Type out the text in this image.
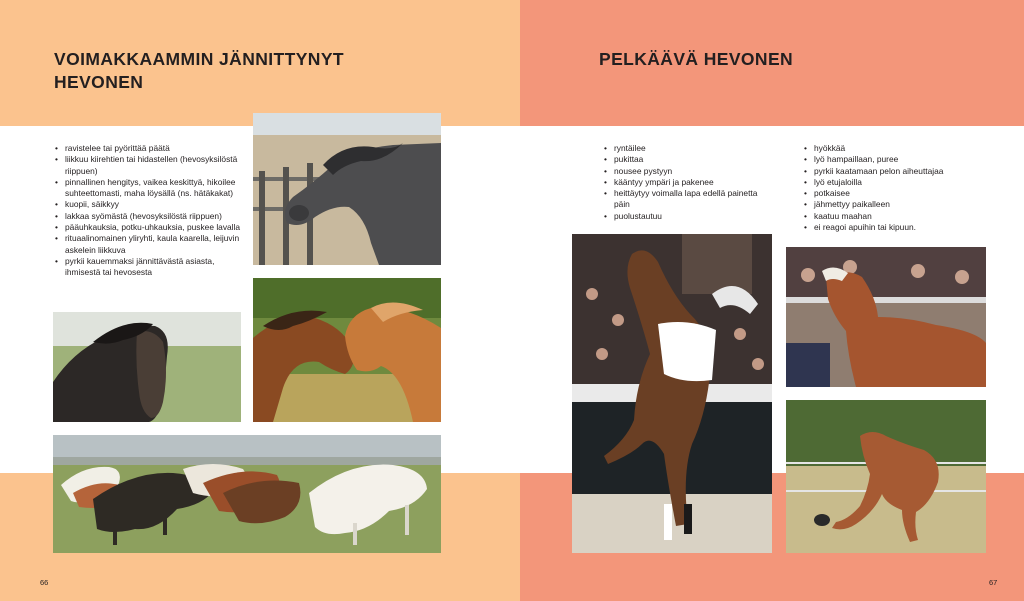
VOIMAKKAAMMIN JÄNNITTYNYT HEVONEN
• ravistelee tai pyörittää päätä
• liikkuu kiirehtien tai hidastellen (hevosyksilöstä riippuen)
• pinnallinen hengitys, vaikea keskittyä, hikoilee suhteettomasti, maha löysällä (ns. hätäkakat)
• kuopii, säikkyy
• lakkaa syömästä (hevosyksilöstä riippuen)
• pääuhkauksia, potku-uhkauksia, puskee lavalla
• rituaalinomainen yliryhti, kaula kaarella, leijuvin askelein liikkuva
• pyrkii kauemmaksi jännittävästä asiasta, ihmisestä tai hevosesta
66
PELKÄÄVÄ HEVONEN
• ryntäilee
• pukittaa
• nousee pystyyn
• kääntyy ympäri ja pakenee
• heittäytyy voimalla lapa edellä painetta päin
• puolustautuu
• hyökkää
• lyö hampaillaan, puree
• pyrkii kaatamaan pelon aiheuttajaa
• lyö etujaloilla
• potkaisee
• jähmettyy paikalleen
• kaatuu maahan
• ei reagoi apuihin tai kipuun.
67
